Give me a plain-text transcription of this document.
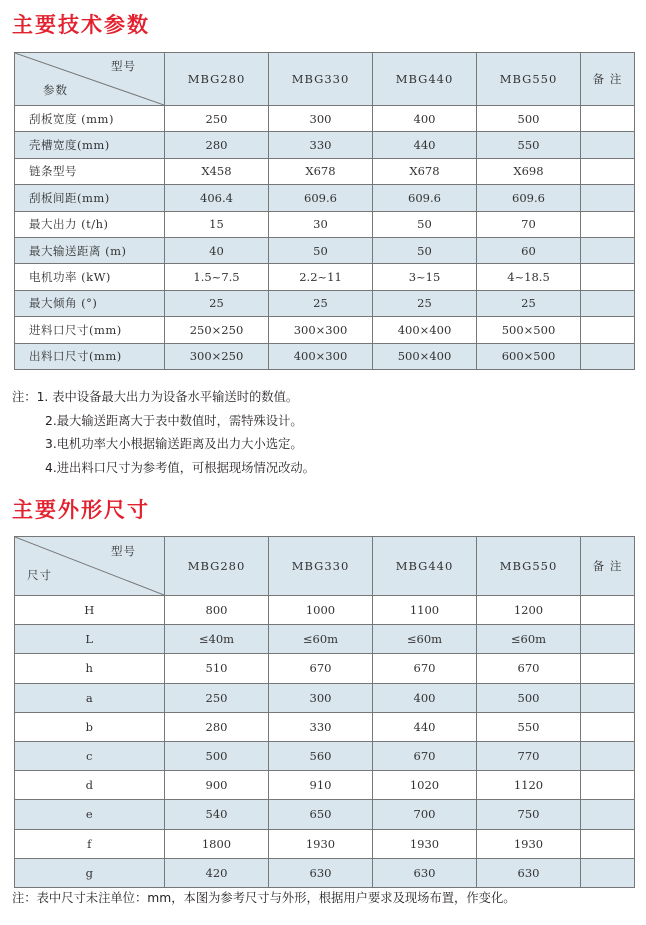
主要技术参数
型号
参数	MBG280	MBG330	MBG440	MBG550	备 注
刮板宽度 (mm)	250	300	400	500	
壳槽宽度(mm)	280	330	440	550	
链条型号	X458	X678	X678	X698	
刮板间距(mm)	406.4	609.6	609.6	609.6	
最大出力 (t/h)	15	30	50	70	
最大输送距离 (m)	40	50	50	60	
电机功率 (kW)	1.5~7.5	2.2~11	3~15	4~18.5	
最大倾角 (°)	25	25	25	25	
进料口尺寸(mm)	250×250	300×300	400×400	500×500	
出料口尺寸(mm)	300×250	400×300	500×400	600×500	
注：1. 表中设备最大出力为设备水平输送时的数值。
2.最大输送距离大于表中数值时，需特殊设计。
3.电机功率大小根据输送距离及出力大小选定。
4.进出料口尺寸为参考值，可根据现场情况改动。
主要外形尺寸
型号
尺寸	MBG280	MBG330	MBG440	MBG550	备 注
H	800	1000	1100	1200	
L	≤40m	≤60m	≤60m	≤60m	
h	510	670	670	670	
a	250	300	400	500	
b	280	330	440	550	
c	500	560	670	770	
d	900	910	1020	1120	
e	540	650	700	750	
f	1800	1930	1930	1930	
g	420	630	630	630	
注：表中尺寸未注单位：mm，本图为参考尺寸与外形，根据用户要求及现场布置，作变化。
